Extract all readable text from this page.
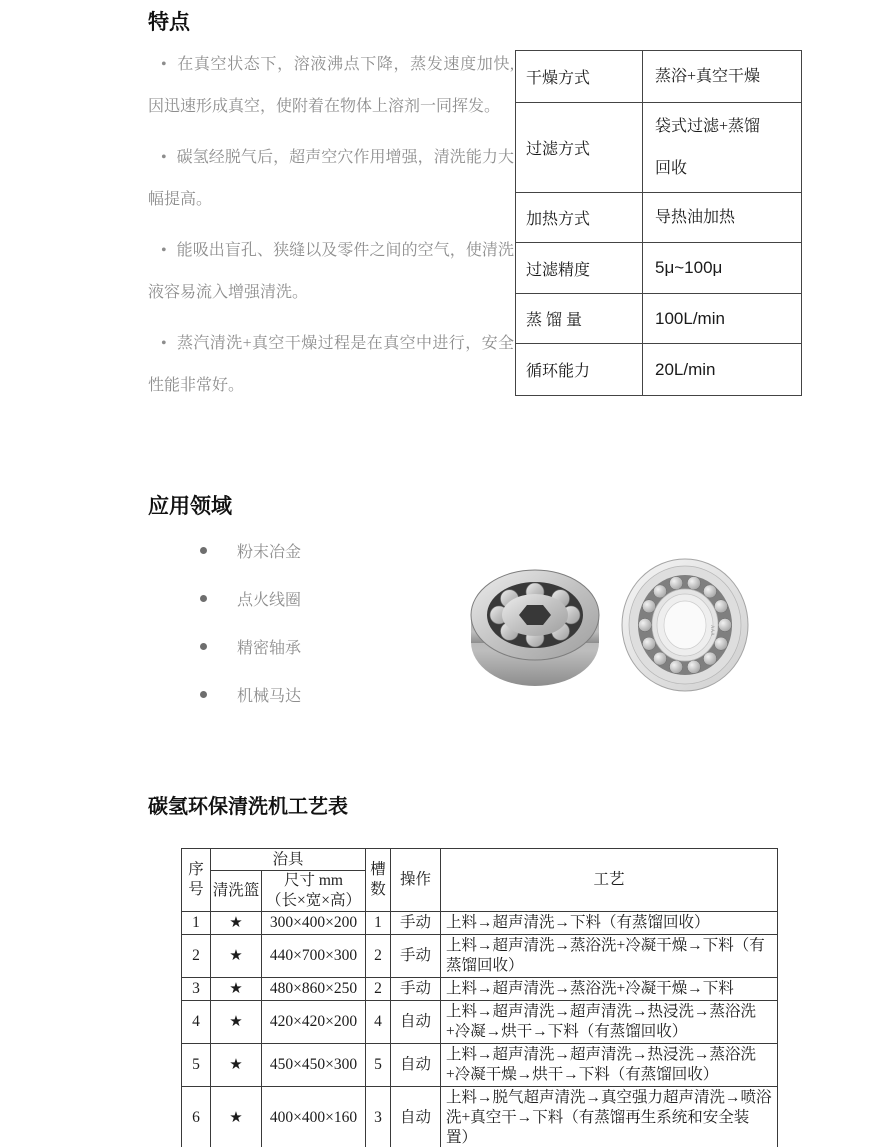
特点

• 在真空状态下，溶液沸点下降，蒸发速度加快,因迅速形成真空，使附着在物体上溶剂一同挥发。

• 碳氢经脱气后，超声空穴作用增强，清洗能力大幅提高。

• 能吸出盲孔、狭缝以及零件之间的空气，使清洗液容易流入增强清洗。

• 蒸汽清洗+真空干燥过程是在真空中进行，安全性能非常好。

干燥方式	蒸浴+真空干燥
过滤方式	袋式过滤+蒸馏回收
加热方式	导热油加热
过滤精度	5μ~100μ
蒸 馏 量	100L/min
循环能力	20L/min
应用领域
粉末冶金
点火线圈
精密轴承
机械马达
AAA
碳氢环保清洗机工艺表
序号	治具		槽数	操作	工艺
	清洗篮	尺寸 mm
（长×宽×高）			

1	★	300×400×200	1	手动	上料→超声清洗→下料（有蒸馏回收）
2	★	440×700×300	2	手动	上料→超声清洗→蒸浴洗+冷凝干燥→下料（有蒸馏回收）
3	★	480×860×250	2	手动	上料→超声清洗→蒸浴洗+冷凝干燥→下料
4	★	420×420×200	4	自动	上料→超声清洗→超声清洗→热浸洗→蒸浴洗+冷凝→烘干→下料（有蒸馏回收）
5	★	450×450×300	5	自动	上料→超声清洗→超声清洗→热浸洗→蒸浴洗+冷凝干燥→烘干→下料（有蒸馏回收）
6	★	400×400×160	3	自动	上料→脱气超声清洗→真空强力超声清洗→喷浴洗+真空干→下料（有蒸馏再生系统和安全装置）
